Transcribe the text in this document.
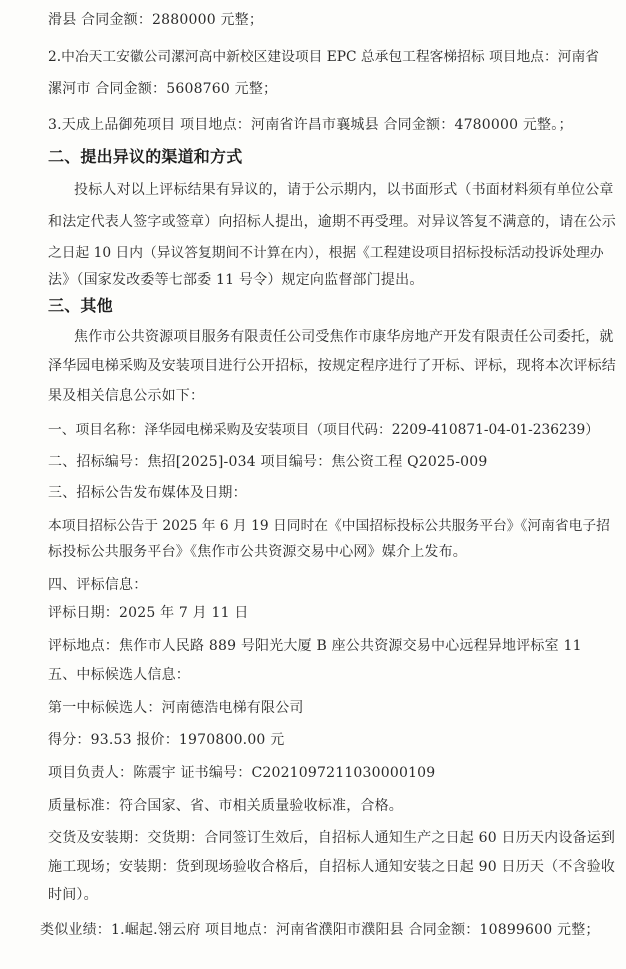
滑县 合同金额：2880000 元整；
2.中冶天工安徽公司漯河高中新校区建设项目 EPC 总承包工程客梯招标 项目地点：河南省
漯河市 合同金额：5608760 元整；
3.天成上品御苑项目 项目地点：河南省许昌市襄城县 合同金额：4780000 元整。；
二、提出异议的渠道和方式
投标人对以上评标结果有异议的，请于公示期内，以书面形式（书面材料须有单位公章
和法定代表人签字或签章）向招标人提出，逾期不再受理。对异议答复不满意的，请在公示
之日起 10 日内（异议答复期间不计算在内），根据《工程建设项目招标投标活动投诉处理办
法》（国家发改委等七部委 11 号令）规定向监督部门提出。
三、其他
焦作市公共资源项目服务有限责任公司受焦作市康华房地产开发有限责任公司委托，就
泽华园电梯采购及安装项目进行公开招标，按规定程序进行了开标、评标，现将本次评标结
果及相关信息公示如下：
一、项目名称：泽华园电梯采购及安装项目（项目代码：2209-410871-04-01-236239）
二、招标编号：焦招[2025]-034 项目编号：焦公资工程 Q2025-009
三、招标公告发布媒体及日期：
本项目招标公告于 2025 年 6 月 19 日同时在《中国招标投标公共服务平台》《河南省电子招
标投标公共服务平台》《焦作市公共资源交易中心网》媒介上发布。
四、评标信息：
评标日期：2025 年 7 月 11 日
评标地点：焦作市人民路 889 号阳光大厦 B 座公共资源交易中心远程异地评标室 11
五、中标候选人信息：
第一中标候选人：河南德浩电梯有限公司
得分：93.53 报价：1970800.00 元
项目负责人：陈震宇 证书编号：C2021097211030000109
质量标准：符合国家、省、市相关质量验收标准，合格。
交货及安装期：交货期：合同签订生效后，自招标人通知生产之日起 60 日历天内设备运到
施工现场；安装期：货到现场验收合格后，自招标人通知安装之日起 90 日历天（不含验收
时间）。
类似业绩：1.崛起.翎云府 项目地点：河南省濮阳市濮阳县 合同金额：10899600 元整；
